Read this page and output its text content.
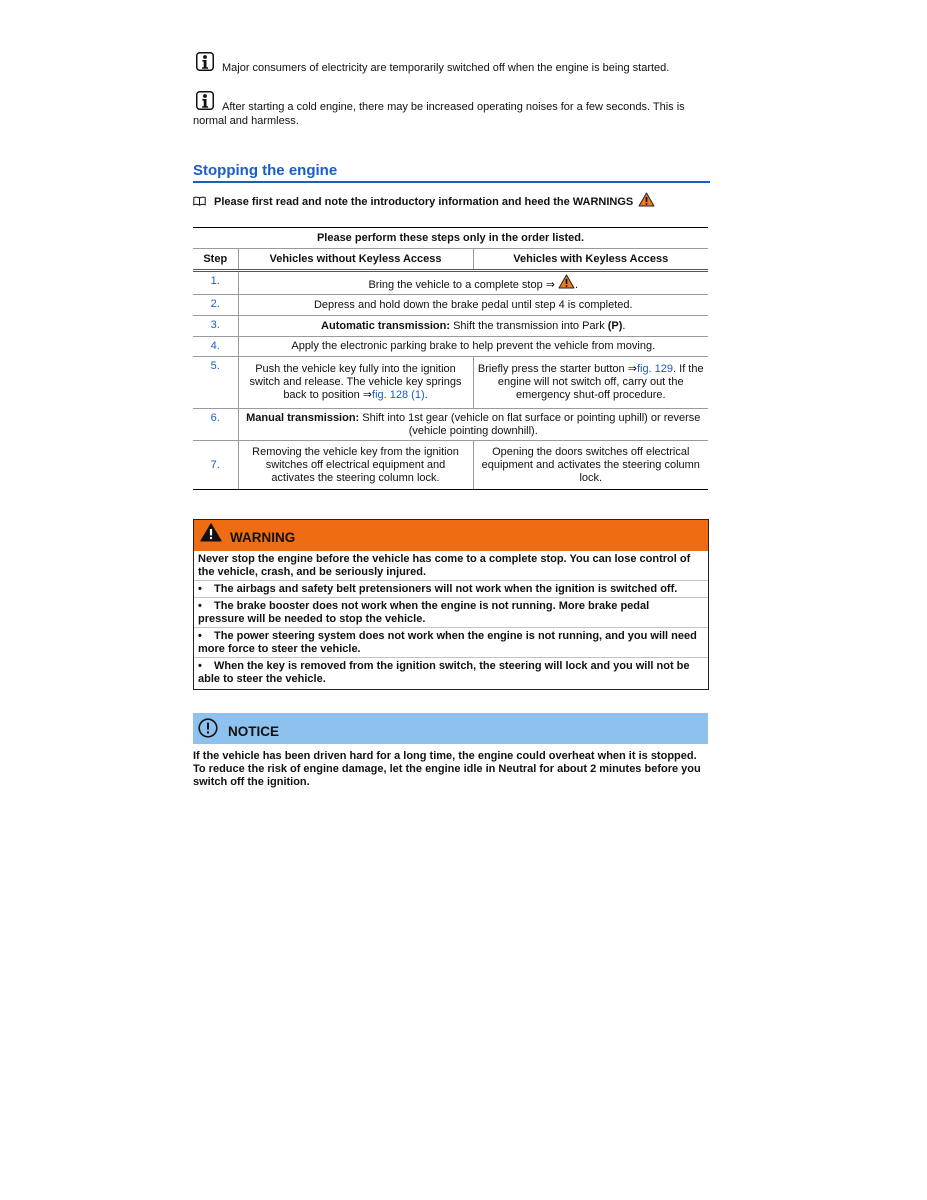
Major consumers of electricity are temporarily switched off when the engine is being started.
After starting a cold engine, there may be increased operating noises for a few seconds. This is normal and harmless.
Stopping the engine
Please first read and note the introductory information and heed the WARNINGS
Please perform these steps only in the order listed.		
Step	Vehicles without Keyless Access	Vehicles with Keyless Access
1.	Bring the vehicle to a complete stop ⇒ .	
2.	Depress and hold down the brake pedal until step 4 is completed.	
3.	Automatic transmission: Shift the transmission into Park (P).	
4.	Apply the electronic parking brake to help prevent the vehicle from moving.	
5.	Push the vehicle key fully into the ignition switch and release. The vehicle key springs back to position ⇒fig. 128 (1).	Briefly press the starter button ⇒fig. 129. If the engine will not switch off, carry out the emergency shut-off procedure.
6.	Manual transmission: Shift into 1st gear (vehicle on flat surface or pointing uphill) or reverse (vehicle pointing downhill).	
7.	Removing the vehicle key from the ignition switches off electrical equipment and activates the steering column lock.	Opening the doors switches off electrical equipment and activates the steering column lock.
WARNING
Never stop the engine before the vehicle has come to a complete stop. You can lose control of the vehicle, crash, and be seriously injured.
• The airbags and safety belt pretensioners will not work when the ignition is switched off.
• The brake booster does not work when the engine is not running. More brake pedal pressure will be needed to stop the vehicle.
• The power steering system does not work when the engine is not running, and you will need more force to steer the vehicle.
• When the key is removed from the ignition switch, the steering will lock and you will not be able to steer the vehicle.
NOTICE
If the vehicle has been driven hard for a long time, the engine could overheat when it is stopped. To reduce the risk of engine damage, let the engine idle in Neutral for about 2 minutes before you switch off the ignition.
